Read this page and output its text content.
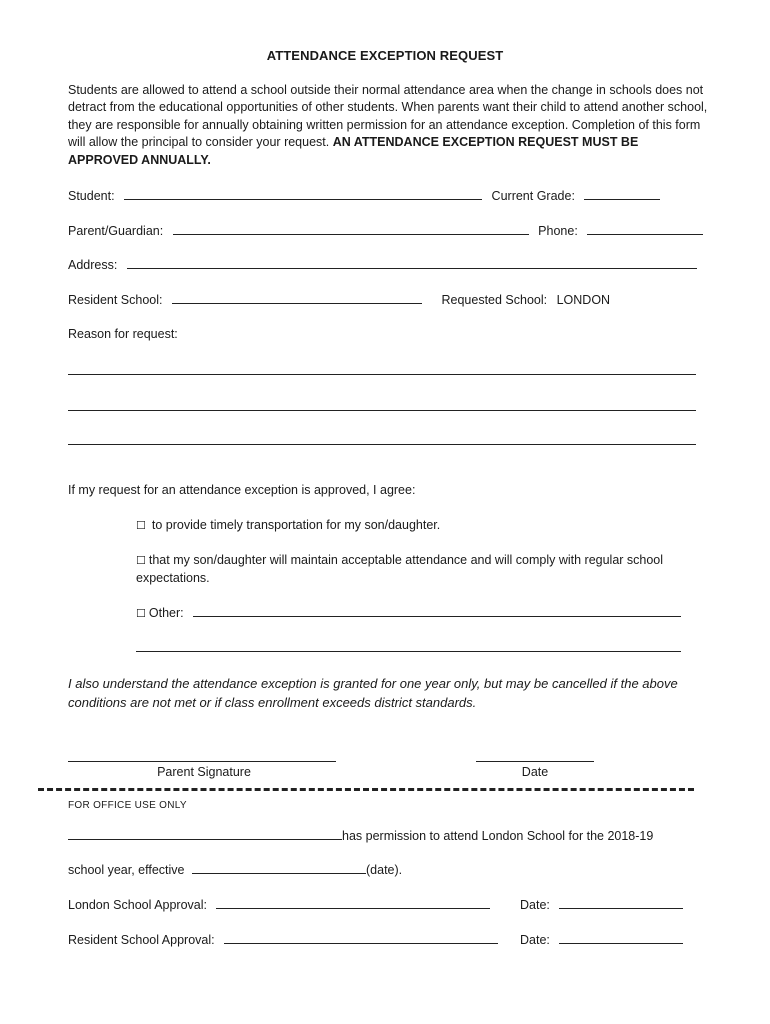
ATTENDANCE EXCEPTION REQUEST
Students are allowed to attend a school outside their normal attendance area when the change in schools does not detract from the educational opportunities of other students. When parents want their child to attend another school, they are responsible for annually obtaining written permission for an attendance exception. Completion of this form will allow the principal to consider your request. AN ATTENDANCE EXCEPTION REQUEST MUST BE APPROVED ANNUALLY.
Student:	Current Grade:
Parent/Guardian:	Phone:
Address:
Resident School:	Requested School: LONDON
Reason for request:
If my request for an attendance exception is approved, I agree:
☐ to provide timely transportation for my son/daughter.
☐ that my son/daughter will maintain acceptable attendance and will comply with regular school
expectations.
☐ Other:
I also understand the attendance exception is granted for one year only, but may be cancelled if the above conditions are not met or if class enrollment exceeds district standards.
Parent Signature	Date
FOR OFFICE USE ONLY
has permission to attend London School for the 2018-19
school year, effective	(date).
London School Approval:	Date:
Resident School Approval:	Date:
